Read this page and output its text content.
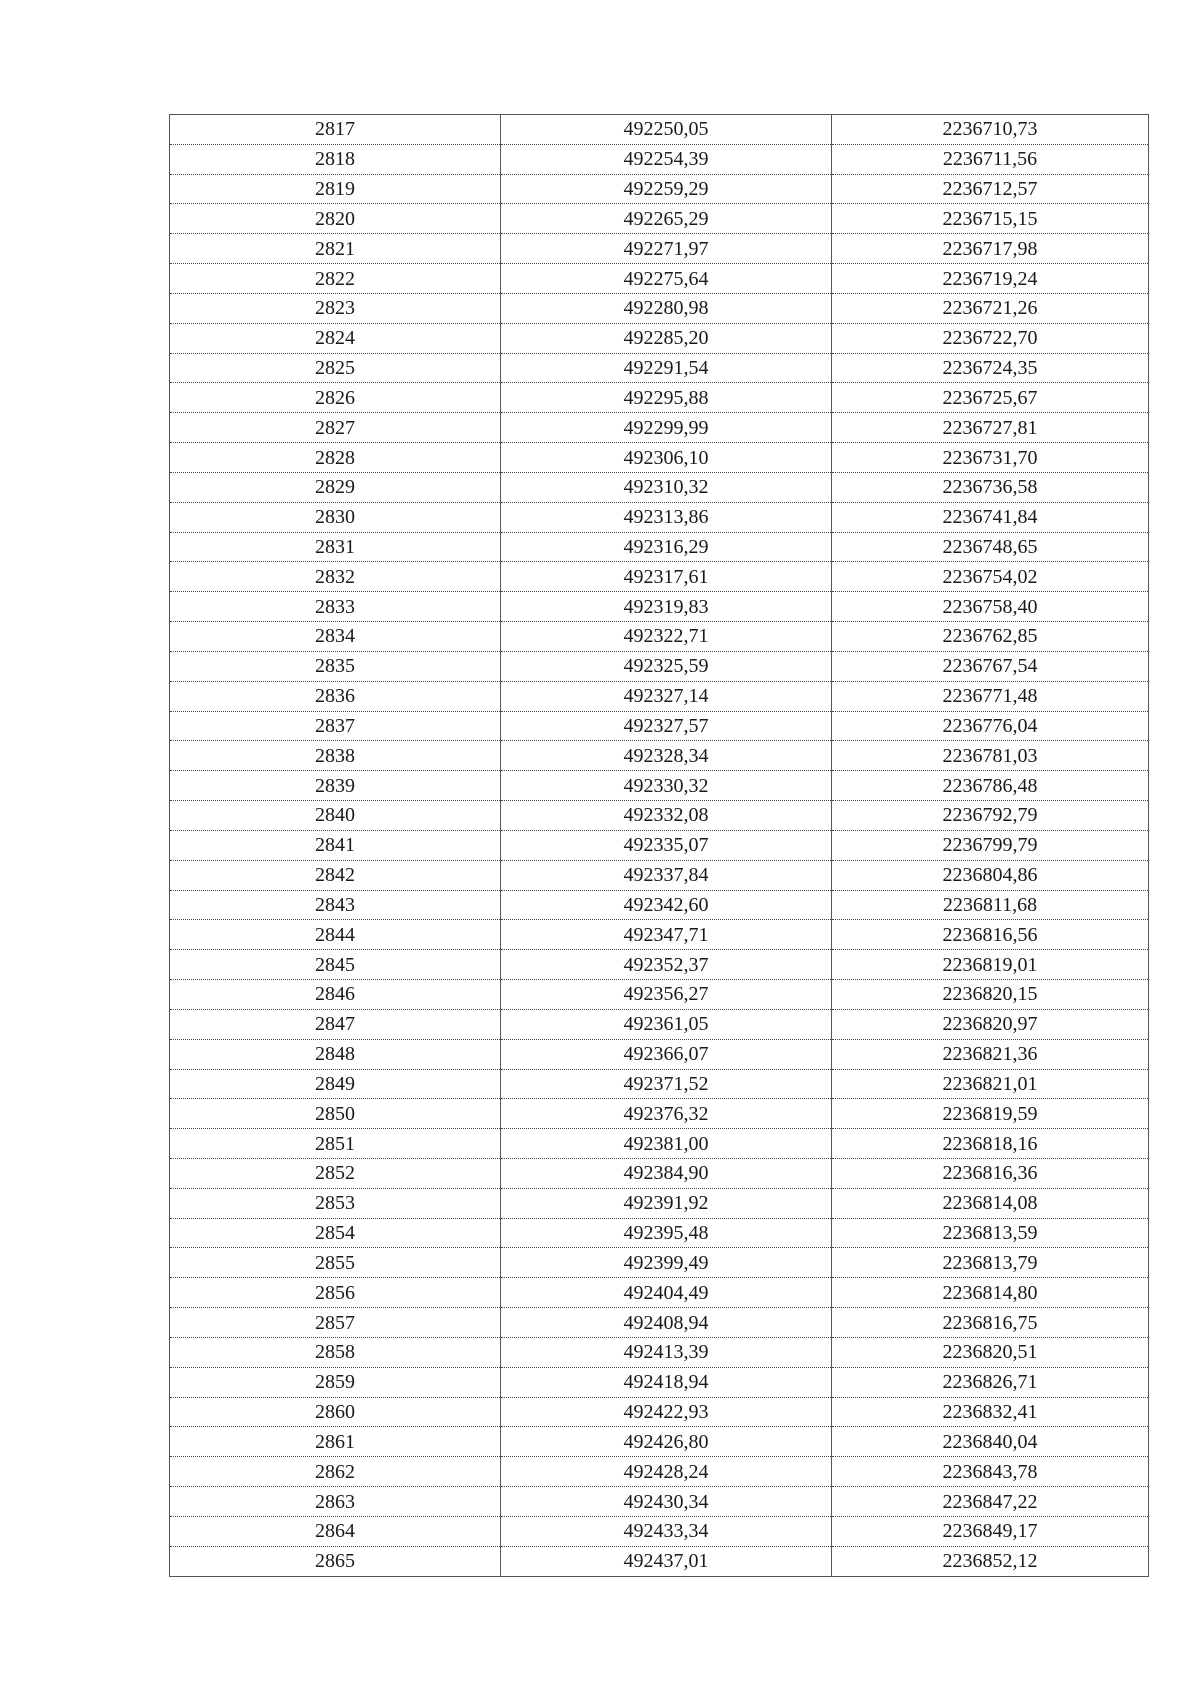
2817	492250,05	2236710,73
2818	492254,39	2236711,56
2819	492259,29	2236712,57
2820	492265,29	2236715,15
2821	492271,97	2236717,98
2822	492275,64	2236719,24
2823	492280,98	2236721,26
2824	492285,20	2236722,70
2825	492291,54	2236724,35
2826	492295,88	2236725,67
2827	492299,99	2236727,81
2828	492306,10	2236731,70
2829	492310,32	2236736,58
2830	492313,86	2236741,84
2831	492316,29	2236748,65
2832	492317,61	2236754,02
2833	492319,83	2236758,40
2834	492322,71	2236762,85
2835	492325,59	2236767,54
2836	492327,14	2236771,48
2837	492327,57	2236776,04
2838	492328,34	2236781,03
2839	492330,32	2236786,48
2840	492332,08	2236792,79
2841	492335,07	2236799,79
2842	492337,84	2236804,86
2843	492342,60	2236811,68
2844	492347,71	2236816,56
2845	492352,37	2236819,01
2846	492356,27	2236820,15
2847	492361,05	2236820,97
2848	492366,07	2236821,36
2849	492371,52	2236821,01
2850	492376,32	2236819,59
2851	492381,00	2236818,16
2852	492384,90	2236816,36
2853	492391,92	2236814,08
2854	492395,48	2236813,59
2855	492399,49	2236813,79
2856	492404,49	2236814,80
2857	492408,94	2236816,75
2858	492413,39	2236820,51
2859	492418,94	2236826,71
2860	492422,93	2236832,41
2861	492426,80	2236840,04
2862	492428,24	2236843,78
2863	492430,34	2236847,22
2864	492433,34	2236849,17
2865	492437,01	2236852,12
